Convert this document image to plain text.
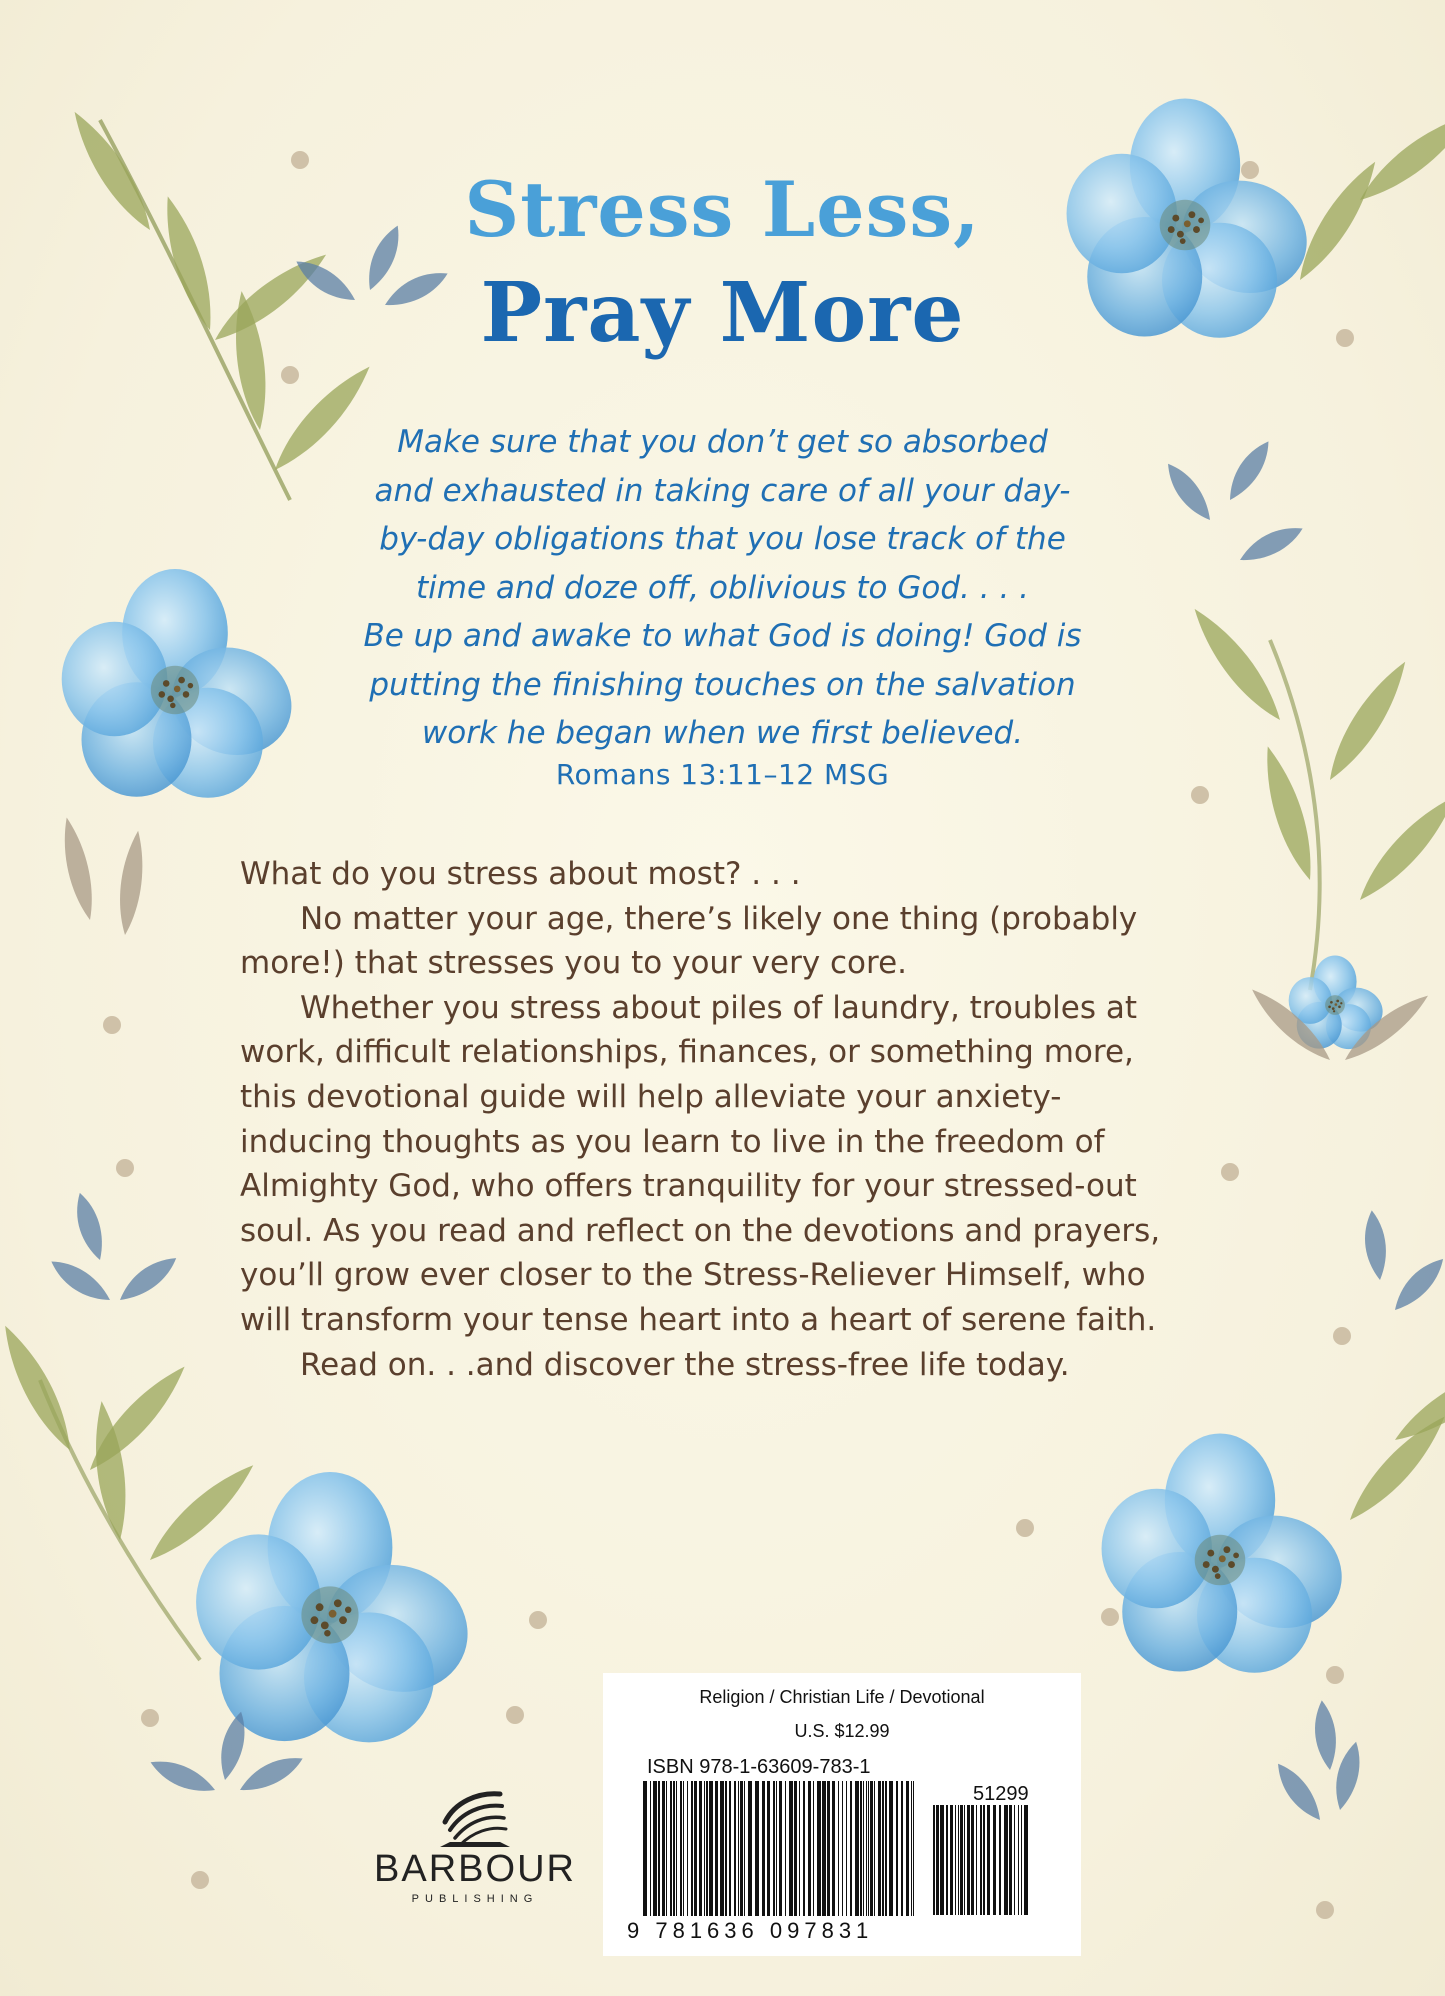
Stress Less,
Pray More
Make sure that you don’t get so absorbed
and exhausted in taking care of all your day-
by-day obligations that you lose track of the
time and doze off, oblivious to God. . . .
Be up and awake to what God is doing! God is
putting the finishing touches on the salvation
work he began when we first believed.
Romans 13:11–12 MSG
What do you stress about most? . . .
No matter your age, there’s likely one thing (probably
more!) that stresses you to your very core.
Whether you stress about piles of laundry, troubles at
work, difficult relationships, finances, or something more,
this devotional guide will help alleviate your anxiety-
inducing thoughts as you learn to live in the freedom of
Almighty God, who offers tranquility for your stressed-out
soul. As you read and reflect on the devotions and prayers,
you’ll grow ever closer to the Stress-Reliever Himself, who
will transform your tense heart into a heart of serene faith.
Read on. . .and discover the stress-free life today.
BARBOUR
PUBLISHING
Religion / Christian Life / Devotional
U.S. $12.99
ISBN 978-1-63609-783-1
51299
9 781636 097831
